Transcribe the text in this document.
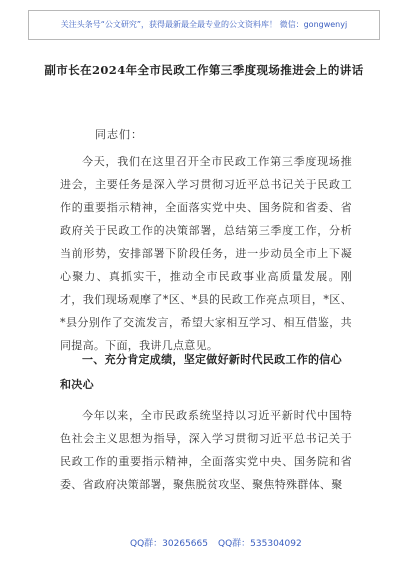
关注头条号“公文研究”，获得最新最全最专业的公文资料库！ 微信：gongwenyj
副市长在2024年全市民政工作第三季度现场推进会上的讲话
同志们：
今天，我们在这里召开全市民政工作第三季度现场推进会，主要任务是深入学习贯彻习近平总书记关于民政工作的重要指示精神，全面落实党中央、国务院和省委、省政府关于民政工作的决策部署，总结第三季度工作，分析当前形势，安排部署下阶段任务，进一步动员全市上下凝心聚力、真抓实干，推动全市民政事业高质量发展。刚才，我们现场观摩了*区、*县的民政工作亮点项目，*区、*县分别作了交流发言，希望大家相互学习、相互借鉴，共同提高。下面，我讲几点意见。
一、充分肯定成绩，坚定做好新时代民政工作的信心和决心
今年以来，全市民政系统坚持以习近平新时代中国特色社会主义思想为指导，深入学习贯彻习近平总书记关于民政工作的重要指示精神，全面落实党中央、国务院和省委、省政府决策部署，聚焦脱贫攻坚、聚焦特殊群体、聚
QQ群：30265665 QQ群：535304092
